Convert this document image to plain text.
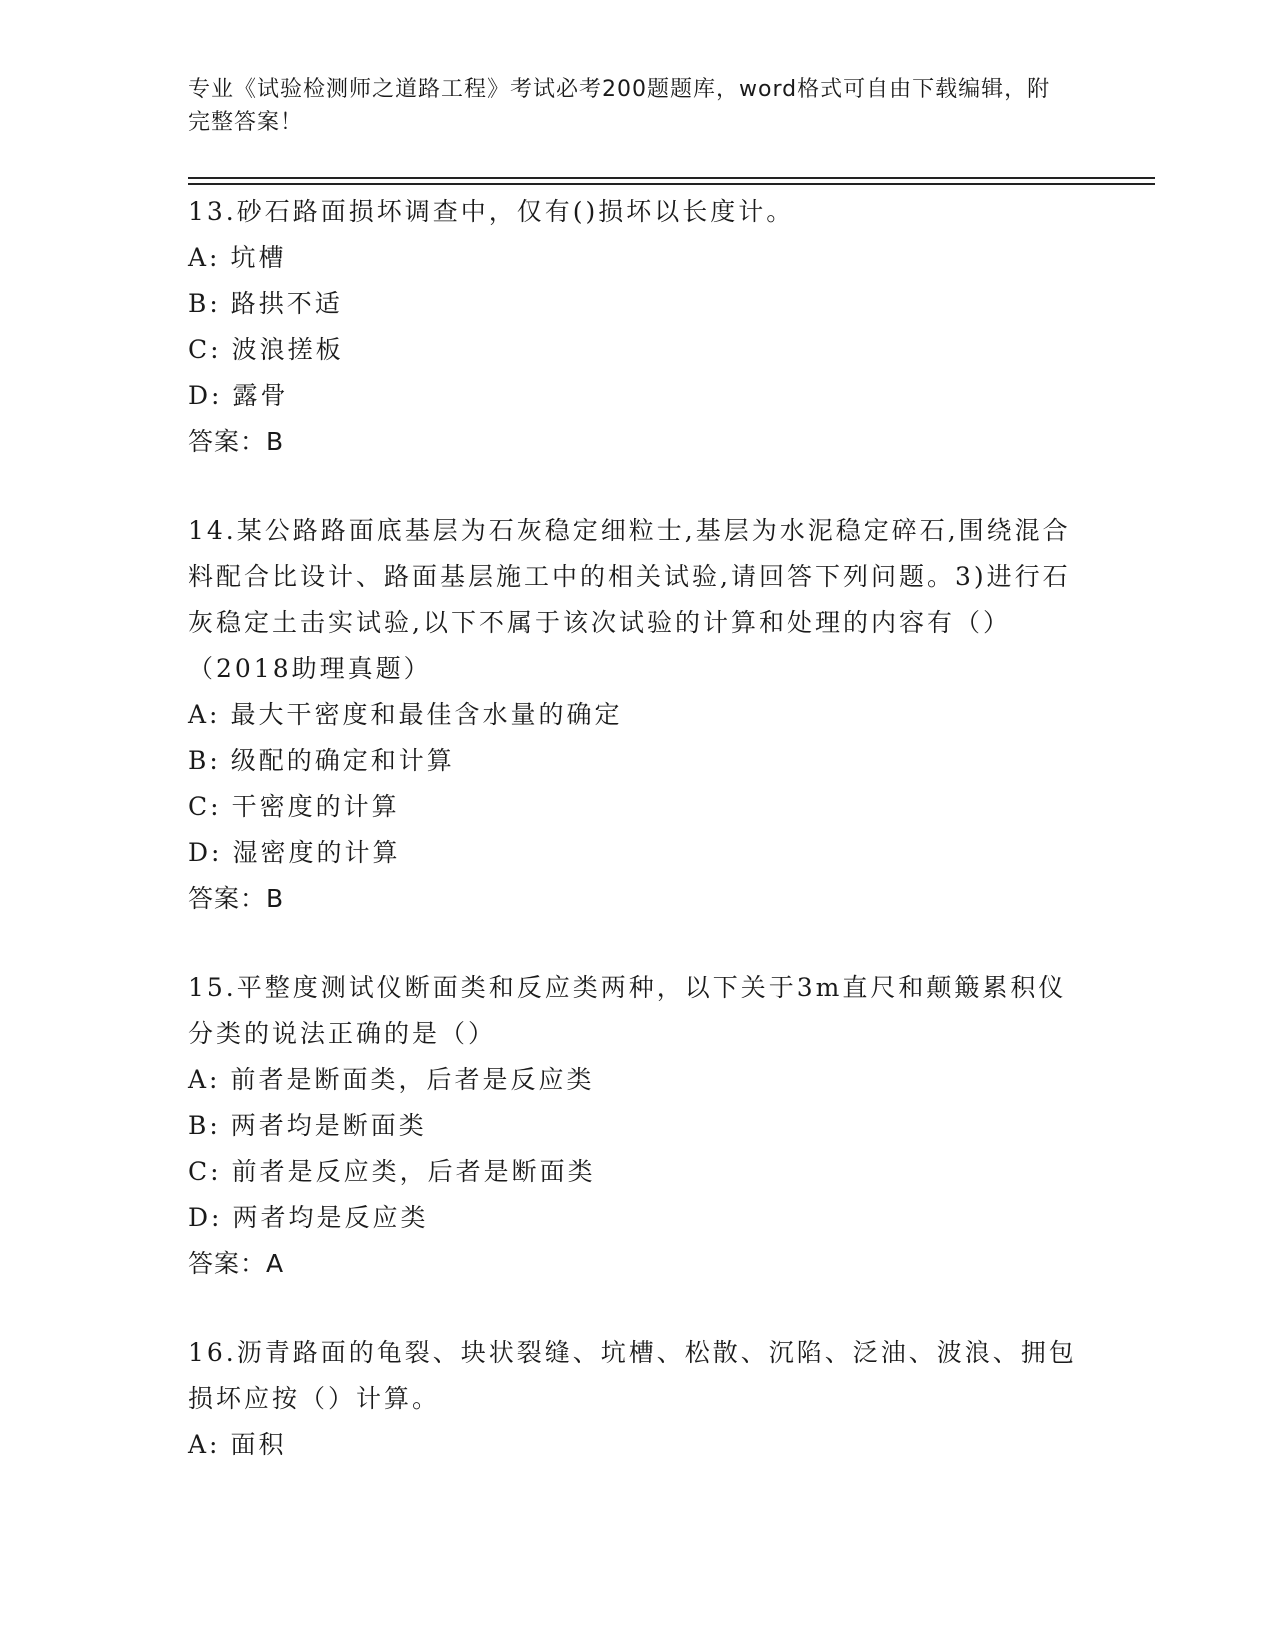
专业《试验检测师之道路工程》考试必考200题题库，word格式可自由下载编辑，附完整答案！

13.砂石路面损坏调查中，仅有()损坏以长度计。

A: 坑槽

B: 路拱不适

C: 波浪搓板

D: 露骨

答案：B

14.某公路路面底基层为石灰稳定细粒士,基层为水泥稳定碎石,围绕混合料配合比设计、路面基层施工中的相关试验,请回答下列问题。3)进行石灰稳定土击实试验,以下不属于该次试验的计算和处理的内容有（）（2018助理真题）

A: 最大干密度和最佳含水量的确定

B: 级配的确定和计算

C: 干密度的计算

D: 湿密度的计算

答案：B

15.平整度测试仪断面类和反应类两种，以下关于3m直尺和颠簸累积仪分类的说法正确的是（）

A: 前者是断面类，后者是反应类

B: 两者均是断面类

C: 前者是反应类，后者是断面类

D: 两者均是反应类

答案：A

16.沥青路面的龟裂、块状裂缝、坑槽、松散、沉陷、泛油、波浪、拥包损坏应按（）计算。

A: 面积
